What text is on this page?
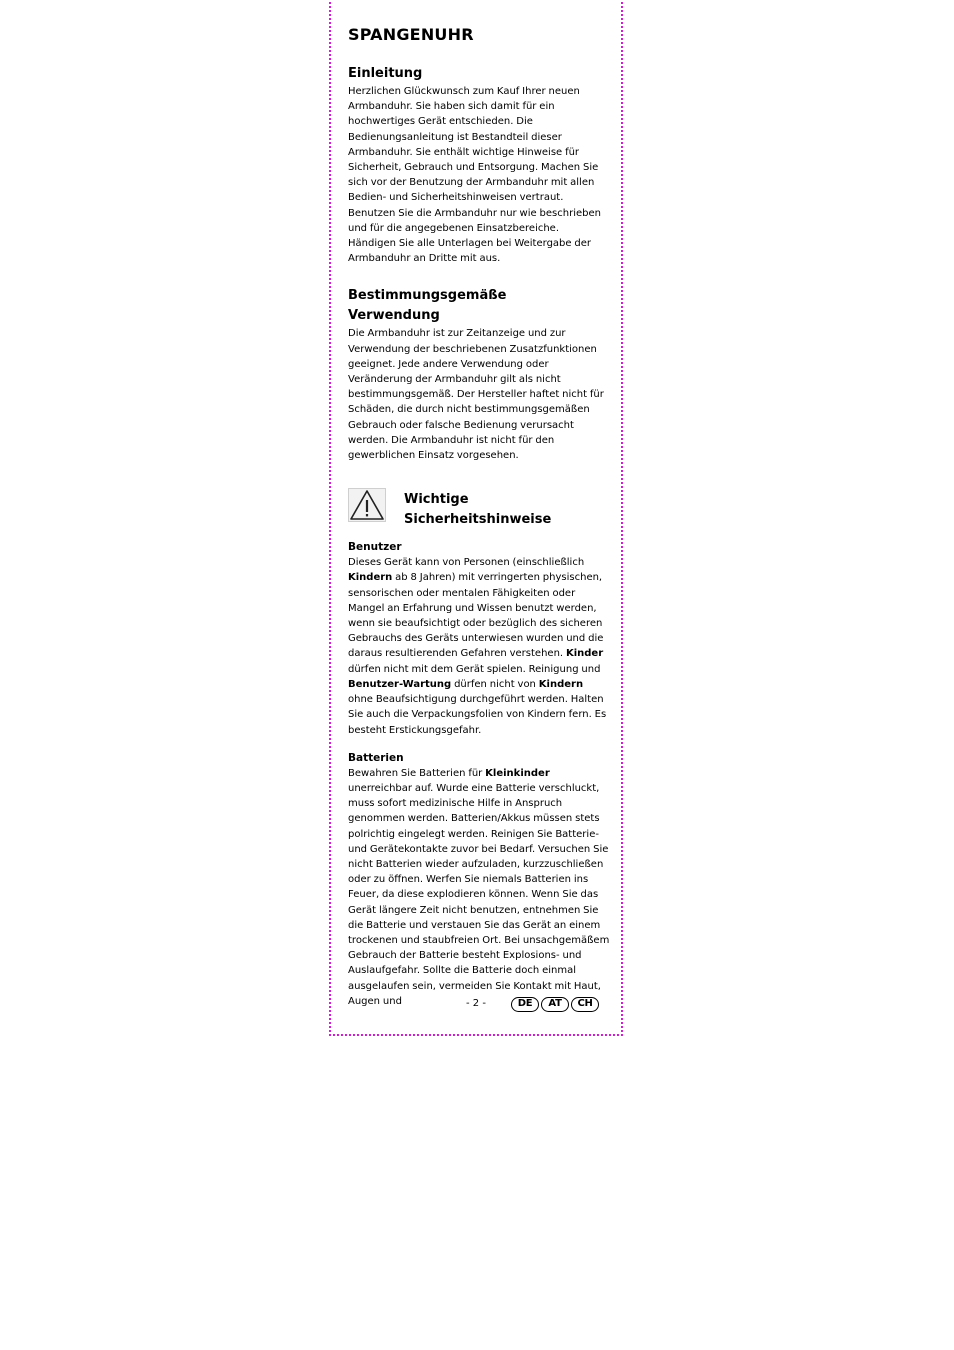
SPANGENUHR
Einleitung

Herzlichen Glückwunsch zum Kauf Ihrer neuen Armbanduhr. Sie haben sich damit für ein hochwertiges Gerät entschieden. Die Bedienungsanleitung ist Bestandteil dieser Armbanduhr. Sie enthält wichtige Hinweise für Sicherheit, Gebrauch und Entsorgung. Machen Sie sich vor der Benutzung der Armbanduhr mit allen Bedien- und Sicherheitshinweisen vertraut. Benutzen Sie die Armbanduhr nur wie beschrieben und für die angegebenen Einsatzbereiche.

Händigen Sie alle Unterlagen bei Weitergabe der Armbanduhr an Dritte mit aus.

Bestimmungsgemäße
Verwendung

Die Armbanduhr ist zur Zeitanzeige und zur Verwendung der beschriebenen Zusatzfunktionen geeignet. Jede andere Verwendung oder Veränderung der Armbanduhr gilt als nicht bestimmungsgemäß. Der Hersteller haftet nicht für Schäden, die durch nicht bestimmungsgemäßen Gebrauch oder falsche Bedienung verursacht werden. Die Armbanduhr ist nicht für den gewerblichen Einsatz vorgesehen.

Wichtige
Sicherheitshinweise
Benutzer

Dieses Gerät kann von Personen (einschließlich Kindern ab 8 Jahren) mit verringerten physischen, sensorischen oder mentalen Fähigkeiten oder Mangel an Erfahrung und Wissen benutzt werden, wenn sie beaufsichtigt oder bezüglich des sicheren Gebrauchs des Geräts unterwiesen wurden und die daraus resultierenden Gefahren verstehen. Kinder dürfen nicht mit dem Gerät spielen. Reinigung und Benutzer-Wartung dürfen nicht von Kindern ohne Beaufsichtigung durchgeführt werden. Halten Sie auch die Verpackungsfolien von Kindern fern. Es besteht Erstickungsgefahr.

Batterien

Bewahren Sie Batterien für Kleinkinder unerreichbar auf. Wurde eine Batterie verschluckt, muss sofort medizinische Hilfe in Anspruch genommen werden. Batterien/Akkus müssen stets polrichtig eingelegt werden. Reinigen Sie Batterie- und Gerätekontakte zuvor bei Bedarf. Versuchen Sie nicht Batterien wieder aufzuladen, kurzzuschließen oder zu öffnen. Werfen Sie niemals Batterien ins Feuer, da diese explodieren können. Wenn Sie das Gerät längere Zeit nicht benutzen, entnehmen Sie die Batterie und verstauen Sie das Gerät an einem trockenen und staubfreien Ort. Bei unsachgemäßem Gebrauch der Batterie besteht Explosions- und Auslaufgefahr. Sollte die Batterie doch einmal ausgelaufen sein, vermeiden Sie Kontakt mit Haut, Augen und	- 2 -	DE	AT	CH
